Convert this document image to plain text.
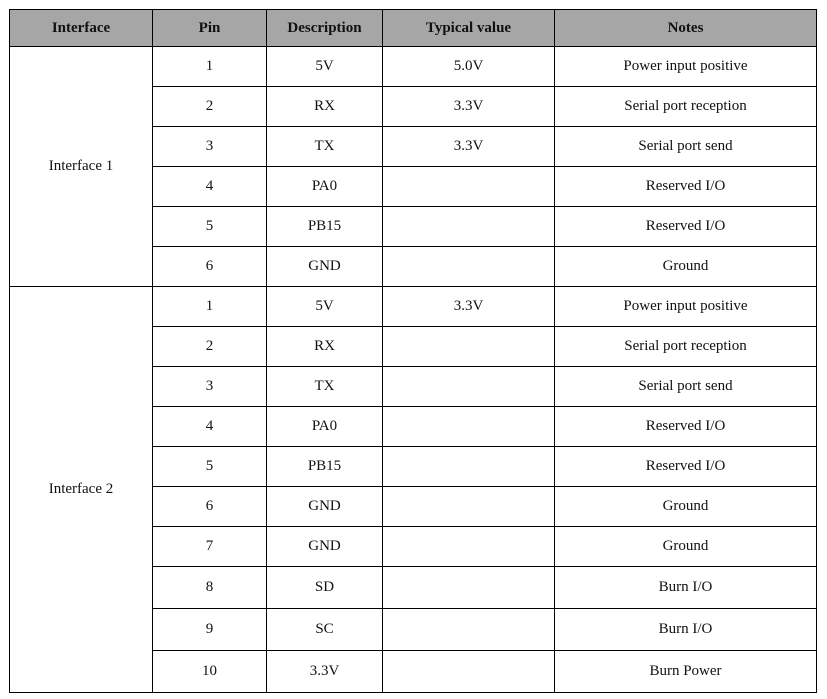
Interface	Pin	Description	Typical value	Notes
Interface 1	1	5V	5.0V	Power input positive
	2	RX	3.3V	Serial port reception
	3	TX	3.3V	Serial port send
	4	PA0		Reserved I/O
	5	PB15		Reserved I/O
	6	GND		Ground
Interface 2	1	5V	3.3V	Power input positive
	2	RX		Serial port reception
	3	TX		Serial port send
	4	PA0		Reserved I/O
	5	PB15		Reserved I/O
	6	GND		Ground
	7	GND		Ground
	8	SD		Burn I/O
	9	SC		Burn I/O
	10	3.3V		Burn Power
